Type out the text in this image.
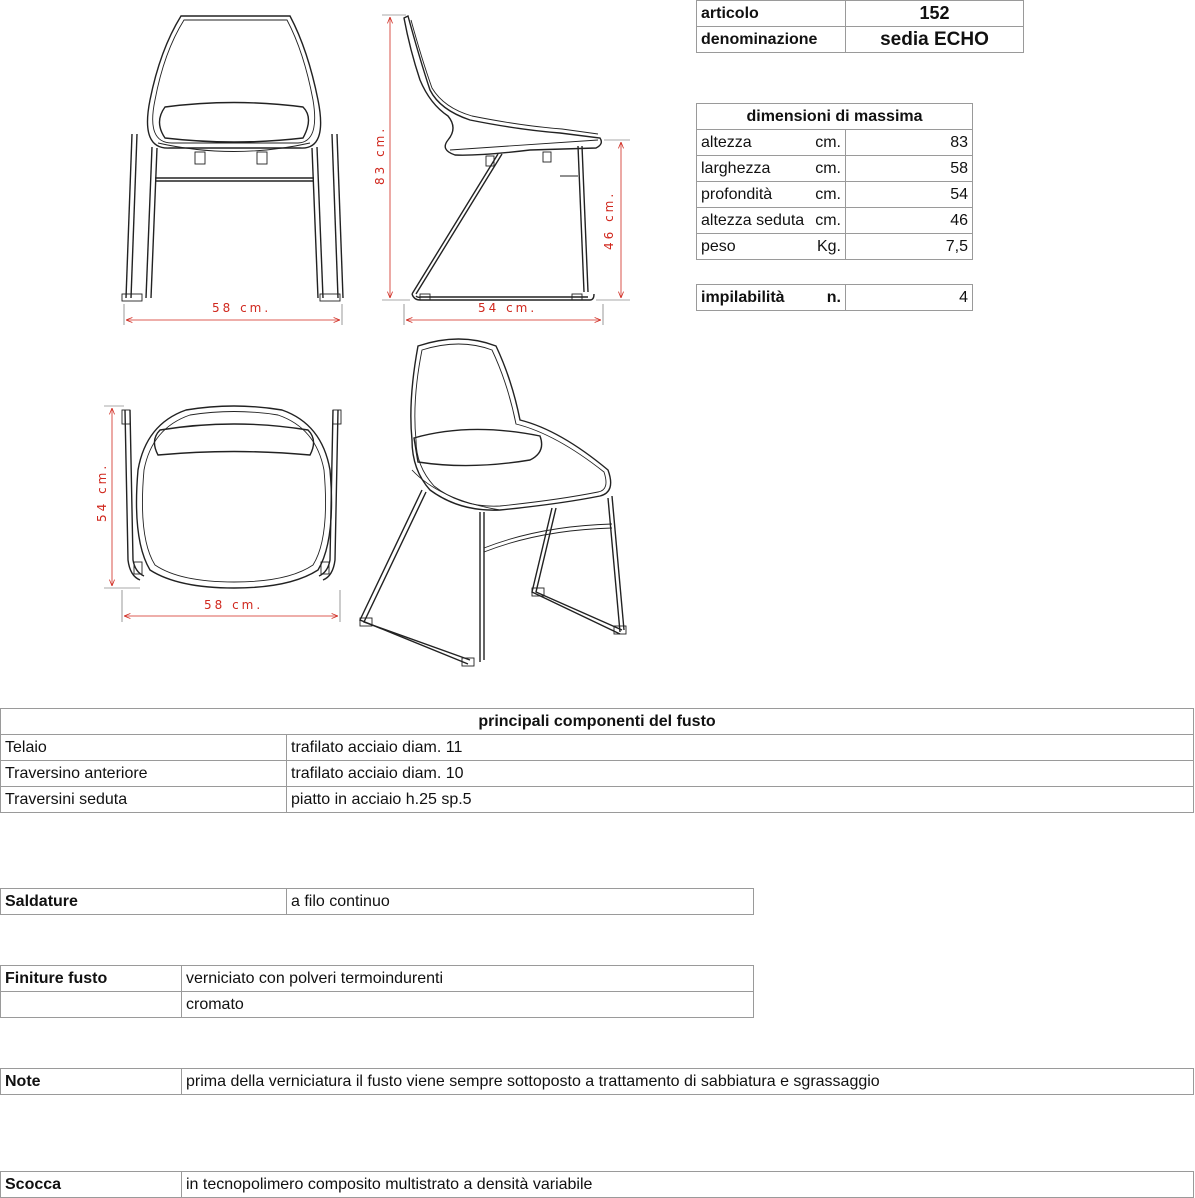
58 cm.
83 cm.
46 cm.
54 cm.
54 cm.
58 cm.
articolo	152
denominazione	sedia ECHO
dimensioni di massima	
altezza cm.	83
larghezza cm.	58
profondità cm.	54
altezza seduta cm.	46
peso Kg.	7,5
impilabilità	n.	4
principali componenti del fusto	
Telaio	trafilato acciaio diam. 11
Traversino anteriore	trafilato acciaio diam. 10
Traversini seduta	piatto in acciaio h.25 sp.5
Saldature	a filo continuo
Finiture fusto	verniciato con polveri termoindurenti
	cromato
Note	prima della verniciatura il fusto viene sempre sottoposto a trattamento di sabbiatura e sgrassaggio
Scocca	in tecnopolimero composito multistrato a densità variabile
